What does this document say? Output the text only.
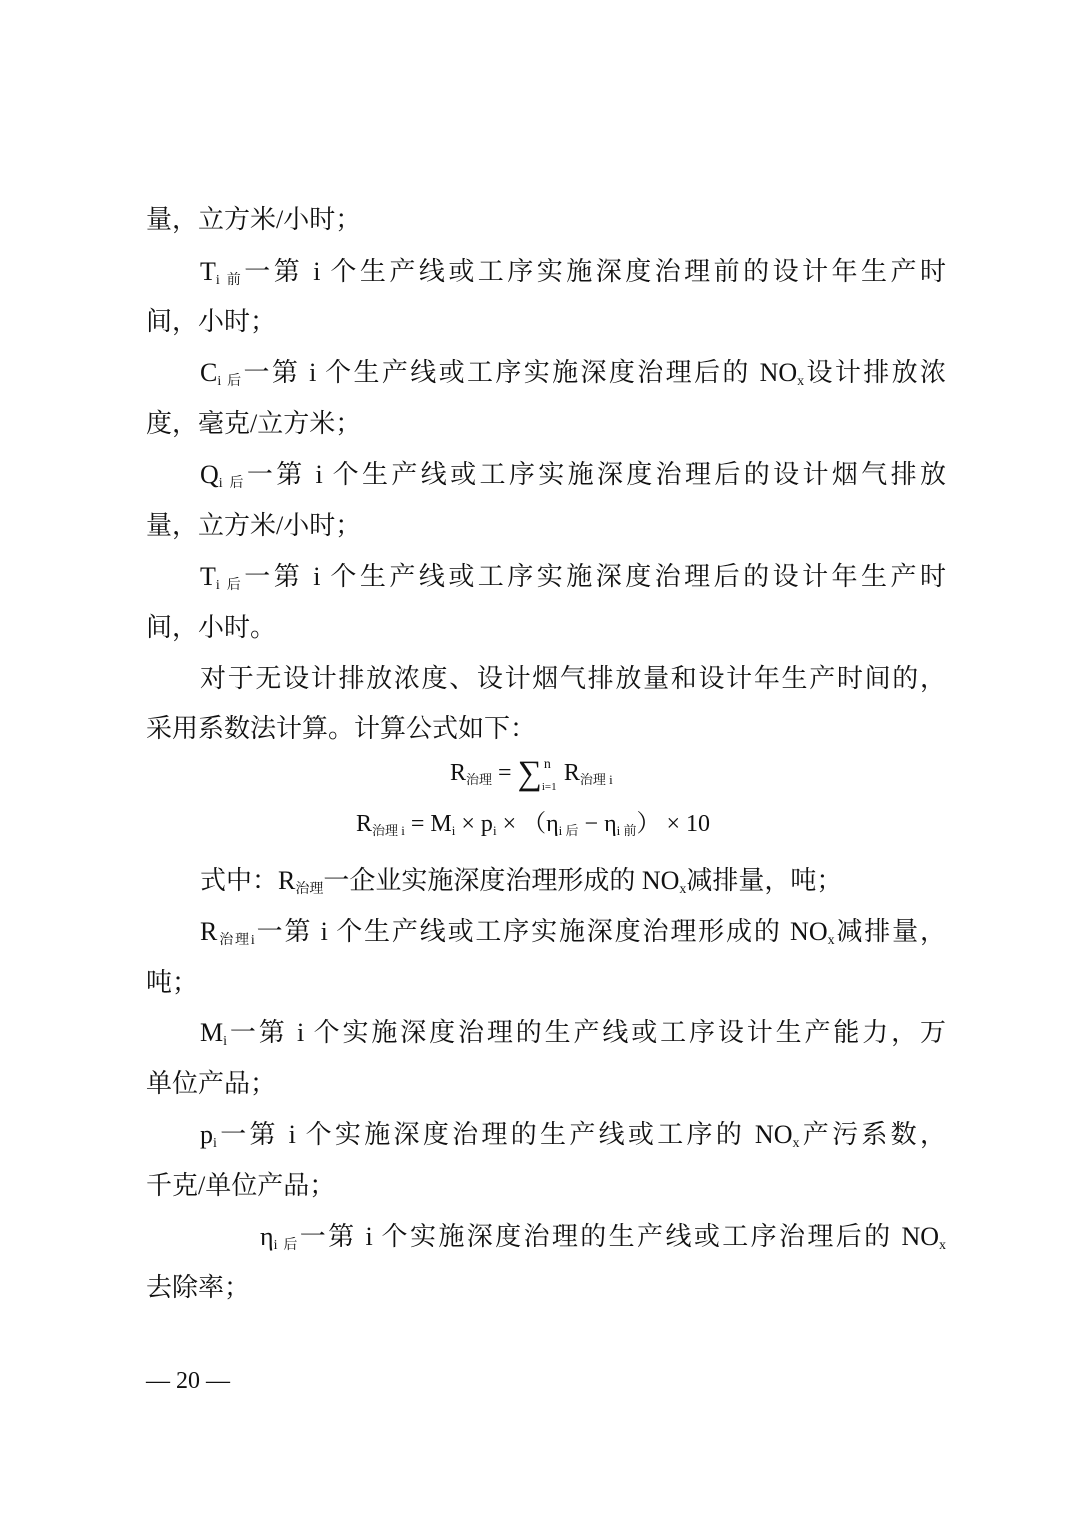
量，立方米/小时；
$T_{i 前}$一第 i 个生产线或工序实施深度治理前的设计年生产时
间，小时；
$C_{i 后}$一第 i 个生产线或工序实施深度治理后的 $NO_x$设计排放浓
度，毫克/立方米；
$Q_{i 后}$一第 i 个生产线或工序实施深度治理后的设计烟气排放
量，立方米/小时；
$T_{i 后}$一第 i 个生产线或工序实施深度治理后的设计年生产时
间，小时。
对于无设计排放浓度、设计烟气排放量和设计年生产时间的，
采用系数法计算。计算公式如下：
$R_{治理}$ = ∑ n
i=1
$R_{治理 i}$
$R_{治理 i} = M_i \times p_i \times (\eta_{i 后} - \eta_{i 前}) \times 10$
式中：$R_{治理}$一企业实施深度治理形成的 $NO_x$减排量，吨；
$R_{治理i}$一第 i 个生产线或工序实施深度治理形成的 $NO_x$减排量，
吨；
$M_i$一第 i 个实施深度治理的生产线或工序设计生产能力，万
单位产品；
$p_i$一第 i 个实施深度治理的生产线或工序的 $NO_x$产污系数，
千克/单位产品；
$\eta_{i 后}$一第 i 个实施深度治理的生产线或工序治理后的 $NO_x$
去除率；
— 20 —
